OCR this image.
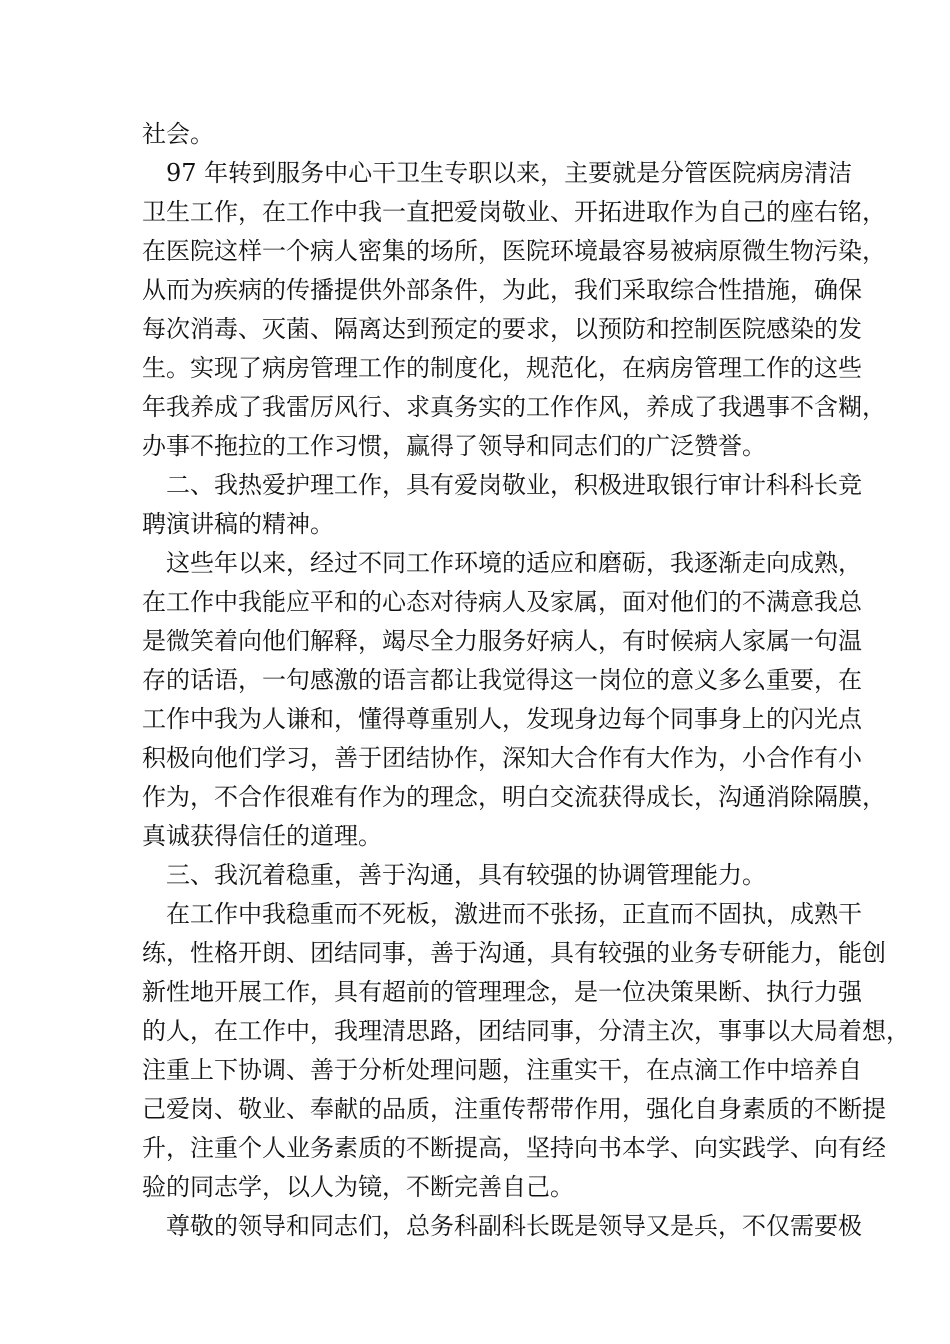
社会。
97 年转到服务中心干卫生专职以来，主要就是分管医院病房清洁
卫生工作，在工作中我一直把爱岗敬业、开拓进取作为自己的座右铭，
在医院这样一个病人密集的场所，医院环境最容易被病原微生物污染，
从而为疾病的传播提供外部条件，为此，我们采取综合性措施，确保
每次消毒、灭菌、隔离达到预定的要求，以预防和控制医院感染的发
生。实现了病房管理工作的制度化，规范化，在病房管理工作的这些
年我养成了我雷厉风行、求真务实的工作作风，养成了我遇事不含糊，
办事不拖拉的工作习惯，赢得了领导和同志们的广泛赞誉。
二、我热爱护理工作，具有爱岗敬业，积极进取银行审计科科长竞
聘演讲稿的精神。
这些年以来，经过不同工作环境的适应和磨砺，我逐渐走向成熟，
在工作中我能应平和的心态对待病人及家属，面对他们的不满意我总
是微笑着向他们解释，竭尽全力服务好病人，有时候病人家属一句温
存的话语，一句感激的语言都让我觉得这一岗位的意义多么重要，在
工作中我为人谦和，懂得尊重别人，发现身边每个同事身上的闪光点
积极向他们学习，善于团结协作，深知大合作有大作为，小合作有小
作为，不合作很难有作为的理念，明白交流获得成长，沟通消除隔膜，
真诚获得信任的道理。
三、我沉着稳重，善于沟通，具有较强的协调管理能力。
在工作中我稳重而不死板，激进而不张扬，正直而不固执，成熟干
练，性格开朗、团结同事，善于沟通，具有较强的业务专研能力，能创
新性地开展工作，具有超前的管理理念，是一位决策果断、执行力强
的人，在工作中，我理清思路，团结同事，分清主次，事事以大局着想，
注重上下协调、善于分析处理问题，注重实干，在点滴工作中培养自
己爱岗、敬业、奉献的品质，注重传帮带作用，强化自身素质的不断提
升，注重个人业务素质的不断提高，坚持向书本学、向实践学、向有经
验的同志学，以人为镜，不断完善自己。
尊敬的领导和同志们，总务科副科长既是领导又是兵，不仅需要极
